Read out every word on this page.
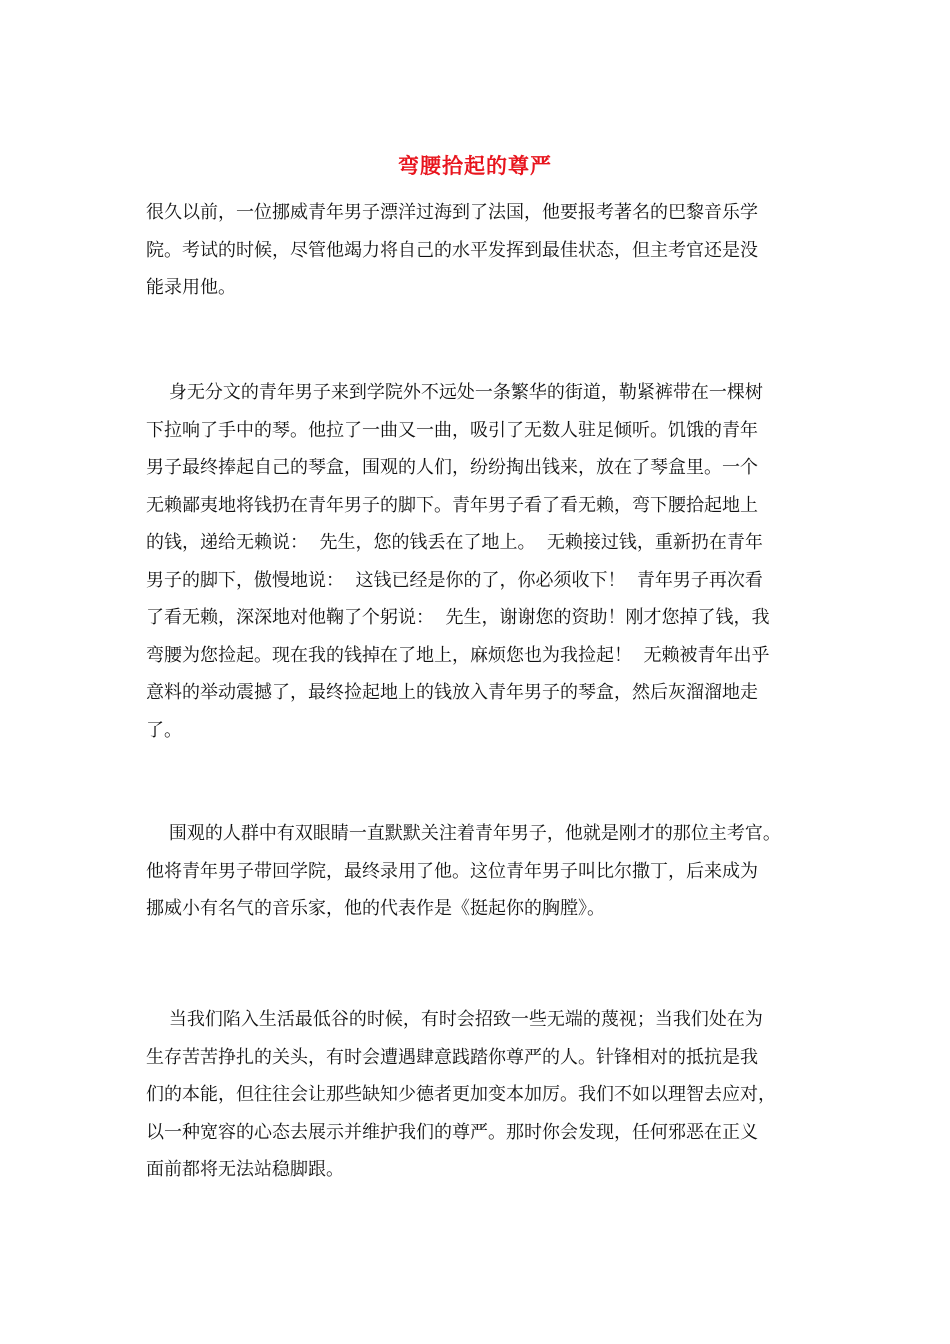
弯腰拾起的尊严

很久以前，一位挪威青年男子漂洋过海到了法国，他要报考著名的巴黎音乐学
院。考试的时候，尽管他竭力将自己的水平发挥到最佳状态，但主考官还是没
能录用他。

身无分文的青年男子来到学院外不远处一条繁华的街道，勒紧裤带在一棵树
下拉响了手中的琴。他拉了一曲又一曲，吸引了无数人驻足倾听。饥饿的青年
男子最终捧起自己的琴盒，围观的人们，纷纷掏出钱来，放在了琴盒里。一个
无赖鄙夷地将钱扔在青年男子的脚下。青年男子看了看无赖，弯下腰拾起地上
的钱，递给无赖说：  先生，您的钱丢在了地上。  无赖接过钱，重新扔在青年
男子的脚下，傲慢地说：  这钱已经是你的了，你必须收下！  青年男子再次看
了看无赖，深深地对他鞠了个躬说：  先生，谢谢您的资助！刚才您掉了钱，我
弯腰为您捡起。现在我的钱掉在了地上，麻烦您也为我捡起！  无赖被青年出乎
意料的举动震撼了，最终捡起地上的钱放入青年男子的琴盒，然后灰溜溜地走
了。

围观的人群中有双眼睛一直默默关注着青年男子，他就是刚才的那位主考官。
他将青年男子带回学院，最终录用了他。这位青年男子叫比尔撒丁，后来成为
挪威小有名气的音乐家，他的代表作是《挺起你的胸膛》。

当我们陷入生活最低谷的时候，有时会招致一些无端的蔑视；当我们处在为
生存苦苦挣扎的关头，有时会遭遇肆意践踏你尊严的人。针锋相对的抵抗是我
们的本能，但往往会让那些缺知少德者更加变本加厉。我们不如以理智去应对，
以一种宽容的心态去展示并维护我们的尊严。那时你会发现，任何邪恶在正义
面前都将无法站稳脚跟。
